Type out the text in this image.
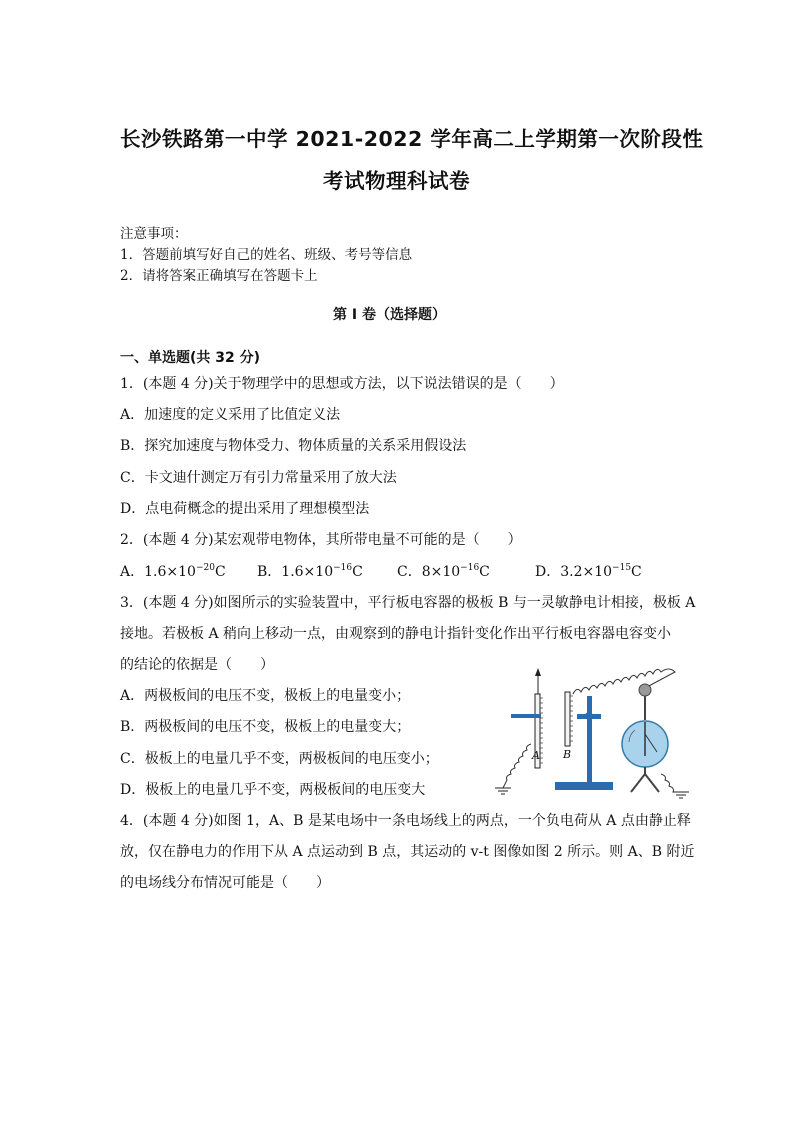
长沙铁路第一中学 2021-2022 学年高二上学期第一次阶段性
考试物理科试卷
注意事项：
1．答题前填写好自己的姓名、班级、考号等信息
2．请将答案正确填写在答题卡上
第 I 卷（选择题）
一、单选题(共 32 分)
1．(本题 4 分)关于物理学中的思想或方法，以下说法错误的是（　　）
A．加速度的定义采用了比值定义法
B．探究加速度与物体受力、物体质量的关系采用假设法
C．卡文迪什测定万有引力常量采用了放大法
D．点电荷概念的提出采用了理想模型法
2．(本题 4 分)某宏观带电物体，其所带电量不可能的是（　　）
A．$1.6\times 10^{-20}C$ B．$1.6\times 10^{-16}C$ C．$8\times 10^{-16}C$	D．$3.2\times 10^{-15}C$
3．(本题 4 分)如图所示的实验装置中，平行板电容器的极板 B 与一灵敏静电计相接，极板 A
接地。若极板 A 稍向上移动一点，由观察到的静电计指针变化作出平行板电容器电容变小
的结论的依据是（　　）
A．两极板间的电压不变，极板上的电量变小；
B．两极板间的电压不变，极板上的电量变大；
C．极板上的电量几乎不变，两极板间的电压变小；
D．极板上的电量几乎不变，两极板间的电压变大
A B
4．(本题 4 分)如图 1，A、B 是某电场中一条电场线上的两点，一个负电荷从 A 点由静止释
放，仅在静电力的作用下从 A 点运动到 B 点，其运动的 v-t 图像如图 2 所示。则 A、B 附近
的电场线分布情况可能是（　　）
